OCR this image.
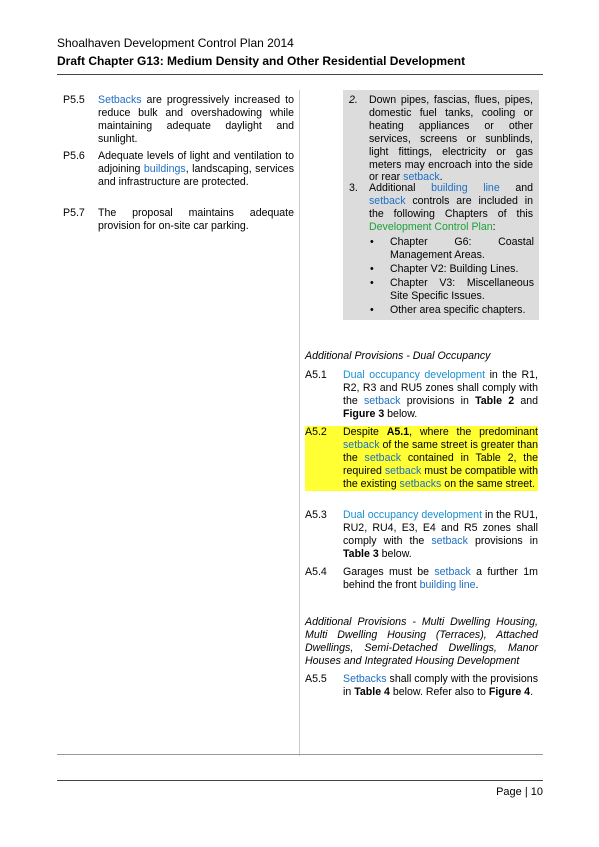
Shoalhaven Development Control Plan 2014
Draft Chapter G13: Medium Density and Other Residential Development
P5.5	Setbacks are progressively increased to reduce bulk and overshadowing while maintaining adequate daylight and sunlight.
P5.6	Adequate levels of light and ventilation to adjoining buildings, landscaping, services and infrastructure are protected.
P5.7	The proposal maintains adequate provision for on-site car parking.
2.	Down pipes, fascias, flues, pipes, domestic fuel tanks, cooling or heating appliances or other services, screens or sunblinds, light fittings, electricity or gas meters may encroach into the side or rear setback.
3.	Additional building line and setback controls are included in the following Chapters of this Development Control Plan:
•	Chapter G6: Coastal Management Areas.
•	Chapter V2: Building Lines.
•	Chapter V3: Miscellaneous Site Specific Issues.
•	Other area specific chapters.
Additional Provisions - Dual Occupancy
A5.1	Dual occupancy development in the R1, R2, R3 and RU5 zones shall comply with the setback provisions in Table 2 and Figure 3 below.
A5.2	Despite A5.1, where the predominant setback of the same street is greater than the setback contained in Table 2, the required setback must be compatible with the existing setbacks on the same street.
A5.3	Dual occupancy development in the RU1, RU2, RU4, E3, E4 and R5 zones shall comply with the setback provisions in Table 3 below.
A5.4	Garages must be setback a further 1m behind the front building line.
Additional Provisions - Multi Dwelling Housing, Multi Dwelling Housing (Terraces), Attached Dwellings, Semi-Detached Dwellings, Manor Houses and Integrated Housing Development
A5.5	Setbacks shall comply with the provisions in Table 4 below. Refer also to Figure 4.
Page | 10
